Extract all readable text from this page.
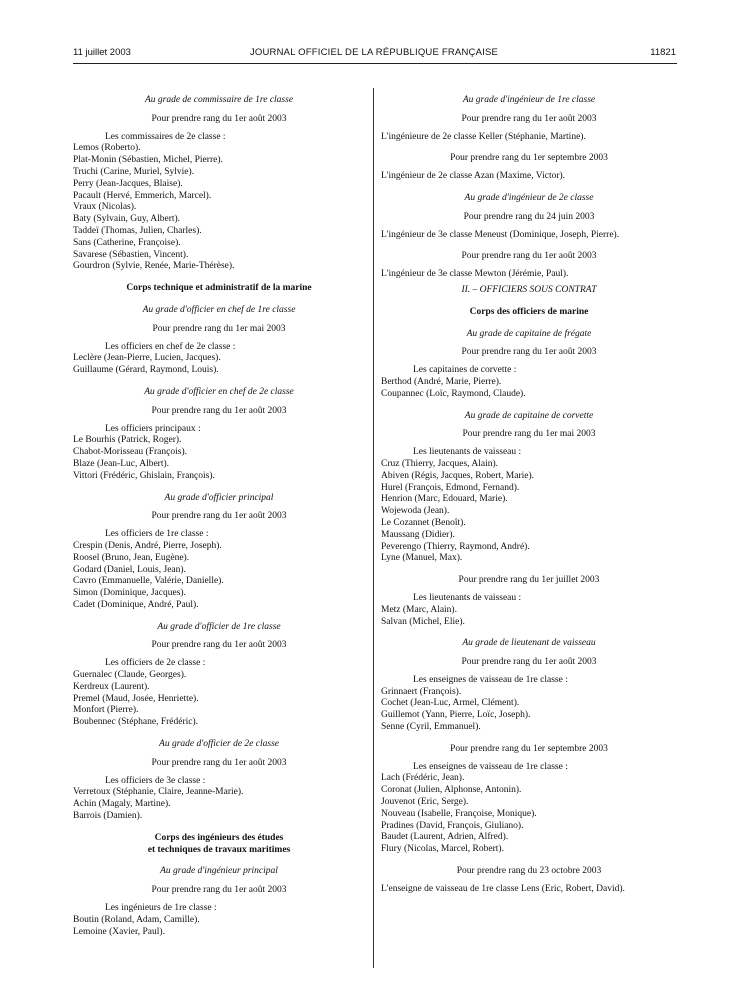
11 juillet 2003	JOURNAL OFFICIEL DE LA RÉPUBLIQUE FRANÇAISE	11821
Au grade de commissaire de 1re classe
Pour prendre rang du 1er août 2003
Les commissaires de 2e classe :
Lemos (Roberto).
Plat-Monin (Sébastien, Michel, Pierre).
Truchi (Carine, Muriel, Sylvie).
Perry (Jean-Jacques, Blaise).
Pacault (Hervé, Emmerich, Marcel).
Vraux (Nicolas).
Baty (Sylvain, Guy, Albert).
Taddeï (Thomas, Julien, Charles).
Sans (Catherine, Françoise).
Savarese (Sébastien, Vincent).
Gourdron (Sylvie, Renée, Marie-Thérèse).
Corps technique et administratif de la marine
Au grade d'officier en chef de 1re classe
Pour prendre rang du 1er mai 2003
Les officiers en chef de 2e classe :
Leclère (Jean-Pierre, Lucien, Jacques).
Guillaume (Gérard, Raymond, Louis).
Au grade d'officier en chef de 2e classe
Pour prendre rang du 1er août 2003
Les officiers principaux :
Le Bourhis (Patrick, Roger).
Chabot-Morisseau (François).
Blaze (Jean-Luc, Albert).
Vittori (Frédéric, Ghislain, François).
Au grade d'officier principal
Pour prendre rang du 1er août 2003
Les officiers de 1re classe :
Crespin (Denis, André, Pierre, Joseph).
Roosel (Bruno, Jean, Eugène).
Godard (Daniel, Louis, Jean).
Cavro (Emmanuelle, Valérie, Danielle).
Simon (Dominique, Jacques).
Cadet (Dominique, André, Paul).
Au grade d'officier de 1re classe
Pour prendre rang du 1er août 2003
Les officiers de 2e classe :
Guernalec (Claude, Georges).
Kerdreux (Laurent).
Premel (Maud, Josée, Henriette).
Monfort (Pierre).
Boubennec (Stéphane, Frédéric).
Au grade d'officier de 2e classe
Pour prendre rang du 1er août 2003
Les officiers de 3e classe :
Verretoux (Stéphanie, Claire, Jeanne-Marie).
Achin (Magaly, Martine).
Barrois (Damien).
Corps des ingénieurs des études
et techniques de travaux maritimes
Au grade d'ingénieur principal
Pour prendre rang du 1er août 2003
Les ingénieurs de 1re classe :
Boutin (Roland, Adam, Camille).
Lemoine (Xavier, Paul).
Au grade d'ingénieur de 1re classe
Pour prendre rang du 1er août 2003
L'ingénieure de 2e classe Keller (Stéphanie, Martine).
Pour prendre rang du 1er septembre 2003
L'ingénieur de 2e classe Azan (Maxime, Victor).
Au grade d'ingénieur de 2e classe
Pour prendre rang du 24 juin 2003
L'ingénieur de 3e classe Meneust (Dominique, Joseph, Pierre).
Pour prendre rang du 1er août 2003
L'ingénieur de 3e classe Mewton (Jérémie, Paul).
II. – OFFICIERS SOUS CONTRAT
Corps des officiers de marine
Au grade de capitaine de frégate
Pour prendre rang du 1er août 2003
Les capitaines de corvette :
Berthod (André, Marie, Pierre).
Coupannec (Loïc, Raymond, Claude).
Au grade de capitaine de corvette
Pour prendre rang du 1er mai 2003
Les lieutenants de vaisseau :
Cruz (Thierry, Jacques, Alain).
Abiven (Régis, Jacques, Robert, Marie).
Hurel (François, Edmond, Fernand).
Henrion (Marc, Edouard, Marie).
Wojewoda (Jean).
Le Cozannet (Benoît).
Maussang (Didier).
Peverengo (Thierry, Raymond, André).
Lyne (Manuel, Max).
Pour prendre rang du 1er juillet 2003
Les lieutenants de vaisseau :
Metz (Marc, Alain).
Salvan (Michel, Elie).
Au grade de lieutenant de vaisseau
Pour prendre rang du 1er août 2003
Les enseignes de vaisseau de 1re classe :
Grinnaert (François).
Cochet (Jean-Luc, Armel, Clément).
Guillemot (Yann, Pierre, Loïc, Joseph).
Senne (Cyril, Emmanuel).
Pour prendre rang du 1er septembre 2003
Les enseignes de vaisseau de 1re classe :
Lach (Frédéric, Jean).
Coronat (Julien, Alphonse, Antonin).
Jouvenot (Eric, Serge).
Nouveau (Isabelle, Françoise, Monique).
Pradines (David, François, Giuliano).
Baudet (Laurent, Adrien, Alfred).
Flury (Nicolas, Marcel, Robert).
Pour prendre rang du 23 octobre 2003
L'enseigne de vaisseau de 1re classe Lens (Eric, Robert, David).
